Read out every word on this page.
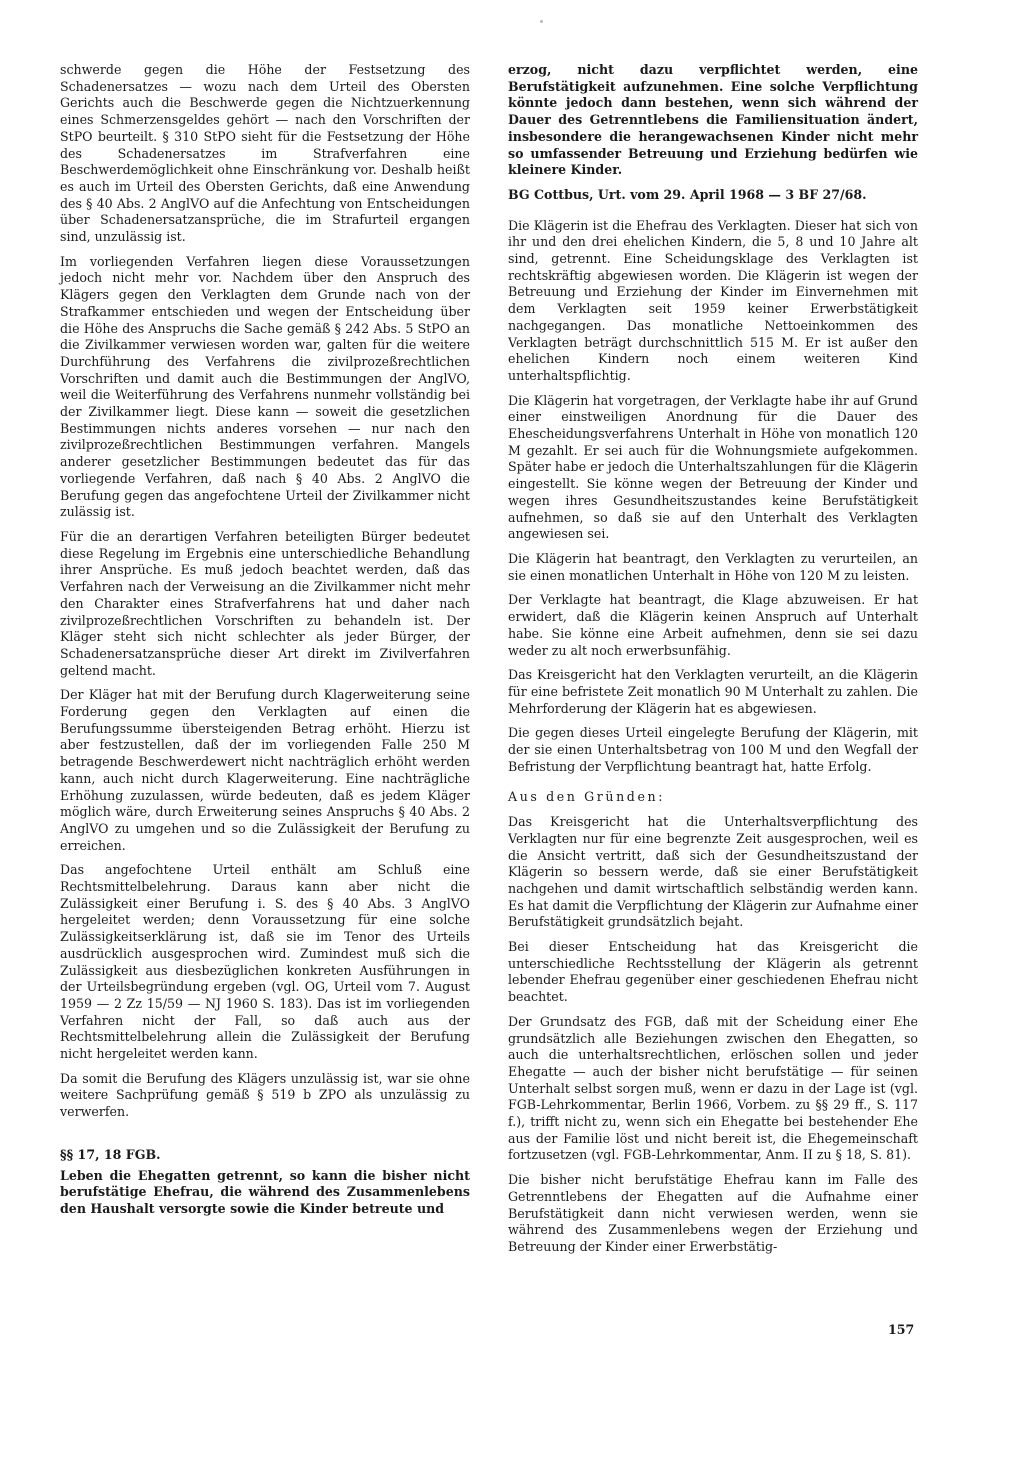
schwerde gegen die Höhe der Festsetzung des Schadenersatzes — wozu nach dem Urteil des Obersten Gerichts auch die Beschwerde gegen die Nichtzuerkennung eines Schmerzensgeldes gehört — nach den Vorschriften der StPO beurteilt. § 310 StPO sieht für die Festsetzung der Höhe des Schadenersatzes im Strafverfahren eine Beschwerdemöglichkeit ohne Einschränkung vor. Deshalb heißt es auch im Urteil des Obersten Gerichts, daß eine Anwendung des § 40 Abs. 2 AnglVO auf die Anfechtung von Entscheidungen über Schadenersatzansprüche, die im Strafurteil ergangen sind, unzulässig ist.

Im vorliegenden Verfahren liegen diese Voraussetzungen jedoch nicht mehr vor. Nachdem über den Anspruch des Klägers gegen den Verklagten dem Grunde nach von der Strafkammer entschieden und wegen der Entscheidung über die Höhe des Anspruchs die Sache gemäß § 242 Abs. 5 StPO an die Zivilkammer verwiesen worden war, galten für die weitere Durchführung des Verfahrens die zivilprozeßrechtlichen Vorschriften und damit auch die Bestimmungen der AnglVO, weil die Weiterführung des Verfahrens nunmehr vollständig bei der Zivilkammer liegt. Diese kann — soweit die gesetzlichen Bestimmungen nichts anderes vorsehen — nur nach den zivilprozeßrechtlichen Bestimmungen verfahren. Mangels anderer gesetzlicher Bestimmungen bedeutet das für das vorliegende Verfahren, daß nach § 40 Abs. 2 AnglVO die Berufung gegen das angefochtene Urteil der Zivilkammer nicht zulässig ist.

Für die an derartigen Verfahren beteiligten Bürger bedeutet diese Regelung im Ergebnis eine unterschiedliche Behandlung ihrer Ansprüche. Es muß jedoch beachtet werden, daß das Verfahren nach der Verweisung an die Zivilkammer nicht mehr den Charakter eines Strafverfahrens hat und daher nach zivilprozeßrechtlichen Vorschriften zu behandeln ist. Der Kläger steht sich nicht schlechter als jeder Bürger, der Schadenersatzansprüche dieser Art direkt im Zivilverfahren geltend macht.

Der Kläger hat mit der Berufung durch Klagerweiterung seine Forderung gegen den Verklagten auf einen die Berufungssumme übersteigenden Betrag erhöht. Hierzu ist aber festzustellen, daß der im vorliegenden Falle 250 M betragende Beschwerdewert nicht nachträglich erhöht werden kann, auch nicht durch Klagerweiterung. Eine nachträgliche Erhöhung zuzulassen, würde bedeuten, daß es jedem Kläger möglich wäre, durch Erweiterung seines Anspruchs § 40 Abs. 2 AnglVO zu umgehen und so die Zulässigkeit der Berufung zu erreichen.

Das angefochtene Urteil enthält am Schluß eine Rechtsmittelbelehrung. Daraus kann aber nicht die Zulässigkeit einer Berufung i. S. des § 40 Abs. 3 AnglVO hergeleitet werden; denn Voraussetzung für eine solche Zulässigkeitserklärung ist, daß sie im Tenor des Urteils ausdrücklich ausgesprochen wird. Zumindest muß sich die Zulässigkeit aus diesbezüglichen konkreten Ausführungen in der Urteilsbegründung ergeben (vgl. OG, Urteil vom 7. August 1959 — 2 Zz 15/59 — NJ 1960 S. 183). Das ist im vorliegenden Verfahren nicht der Fall, so daß auch aus der Rechtsmittelbelehrung allein die Zulässigkeit der Berufung nicht hergeleitet werden kann.

Da somit die Berufung des Klägers unzulässig ist, war sie ohne weitere Sachprüfung gemäß § 519 b ZPO als unzulässig zu verwerfen.

§§ 17, 18 FGB.

Leben die Ehegatten getrennt, so kann die bisher nicht berufstätige Ehefrau, die während des Zusammenlebens den Haushalt versorgte sowie die Kinder betreute und

erzog, nicht dazu verpflichtet werden, eine Berufstätigkeit aufzunehmen. Eine solche Verpflichtung könnte jedoch dann bestehen, wenn sich während der Dauer des Getrenntlebens die Familiensituation ändert, insbesondere die herangewachsenen Kinder nicht mehr so umfassender Betreuung und Erziehung bedürfen wie kleinere Kinder.

BG Cottbus, Urt. vom 29. April 1968 — 3 BF 27/68.

Die Klägerin ist die Ehefrau des Verklagten. Dieser hat sich von ihr und den drei ehelichen Kindern, die 5, 8 und 10 Jahre alt sind, getrennt. Eine Scheidungsklage des Verklagten ist rechtskräftig abgewiesen worden. Die Klägerin ist wegen der Betreuung und Erziehung der Kinder im Einvernehmen mit dem Verklagten seit 1959 keiner Erwerbstätigkeit nachgegangen. Das monatliche Nettoeinkommen des Verklagten beträgt durchschnittlich 515 M. Er ist außer den ehelichen Kindern noch einem weiteren Kind unterhaltspflichtig.

Die Klägerin hat vorgetragen, der Verklagte habe ihr auf Grund einer einstweiligen Anordnung für die Dauer des Ehescheidungsverfahrens Unterhalt in Höhe von monatlich 120 M gezahlt. Er sei auch für die Wohnungsmiete aufgekommen. Später habe er jedoch die Unterhaltszahlungen für die Klägerin eingestellt. Sie könne wegen der Betreuung der Kinder und wegen ihres Gesundheitszustandes keine Berufstätigkeit aufnehmen, so daß sie auf den Unterhalt des Verklagten angewiesen sei.

Die Klägerin hat beantragt, den Verklagten zu verurteilen, an sie einen monatlichen Unterhalt in Höhe von 120 M zu leisten.

Der Verklagte hat beantragt, die Klage abzuweisen. Er hat erwidert, daß die Klägerin keinen Anspruch auf Unterhalt habe. Sie könne eine Arbeit aufnehmen, denn sie sei dazu weder zu alt noch erwerbsunfähig.

Das Kreisgericht hat den Verklagten verurteilt, an die Klägerin für eine befristete Zeit monatlich 90 M Unterhalt zu zahlen. Die Mehrforderung der Klägerin hat es abgewiesen.

Die gegen dieses Urteil eingelegte Berufung der Klägerin, mit der sie einen Unterhaltsbetrag von 100 M und den Wegfall der Befristung der Verpflichtung beantragt hat, hatte Erfolg.

Aus den Gründen:

Das Kreisgericht hat die Unterhaltsverpflichtung des Verklagten nur für eine begrenzte Zeit ausgesprochen, weil es die Ansicht vertritt, daß sich der Gesundheitszustand der Klägerin so bessern werde, daß sie einer Berufstätigkeit nachgehen und damit wirtschaftlich selbständig werden kann. Es hat damit die Verpflichtung der Klägerin zur Aufnahme einer Berufstätigkeit grundsätzlich bejaht.

Bei dieser Entscheidung hat das Kreisgericht die unterschiedliche Rechtsstellung der Klägerin als getrennt lebender Ehefrau gegenüber einer geschiedenen Ehefrau nicht beachtet.

Der Grundsatz des FGB, daß mit der Scheidung einer Ehe grundsätzlich alle Beziehungen zwischen den Ehegatten, so auch die unterhaltsrechtlichen, erlöschen sollen und jeder Ehegatte — auch der bisher nicht berufstätige — für seinen Unterhalt selbst sorgen muß, wenn er dazu in der Lage ist (vgl. FGB-Lehrkommentar, Berlin 1966, Vorbem. zu §§ 29 ff., S. 117 f.), trifft nicht zu, wenn sich ein Ehegatte bei bestehender Ehe aus der Familie löst und nicht bereit ist, die Ehegemeinschaft fortzusetzen (vgl. FGB-Lehrkommentar, Anm. II zu § 18, S. 81).

Die bisher nicht berufstätige Ehefrau kann im Falle des Getrenntlebens der Ehegatten auf die Aufnahme einer Berufstätigkeit dann nicht verwiesen werden, wenn sie während des Zusammenlebens wegen der Erziehung und Betreuung der Kinder einer Erwerbstätig-

157
